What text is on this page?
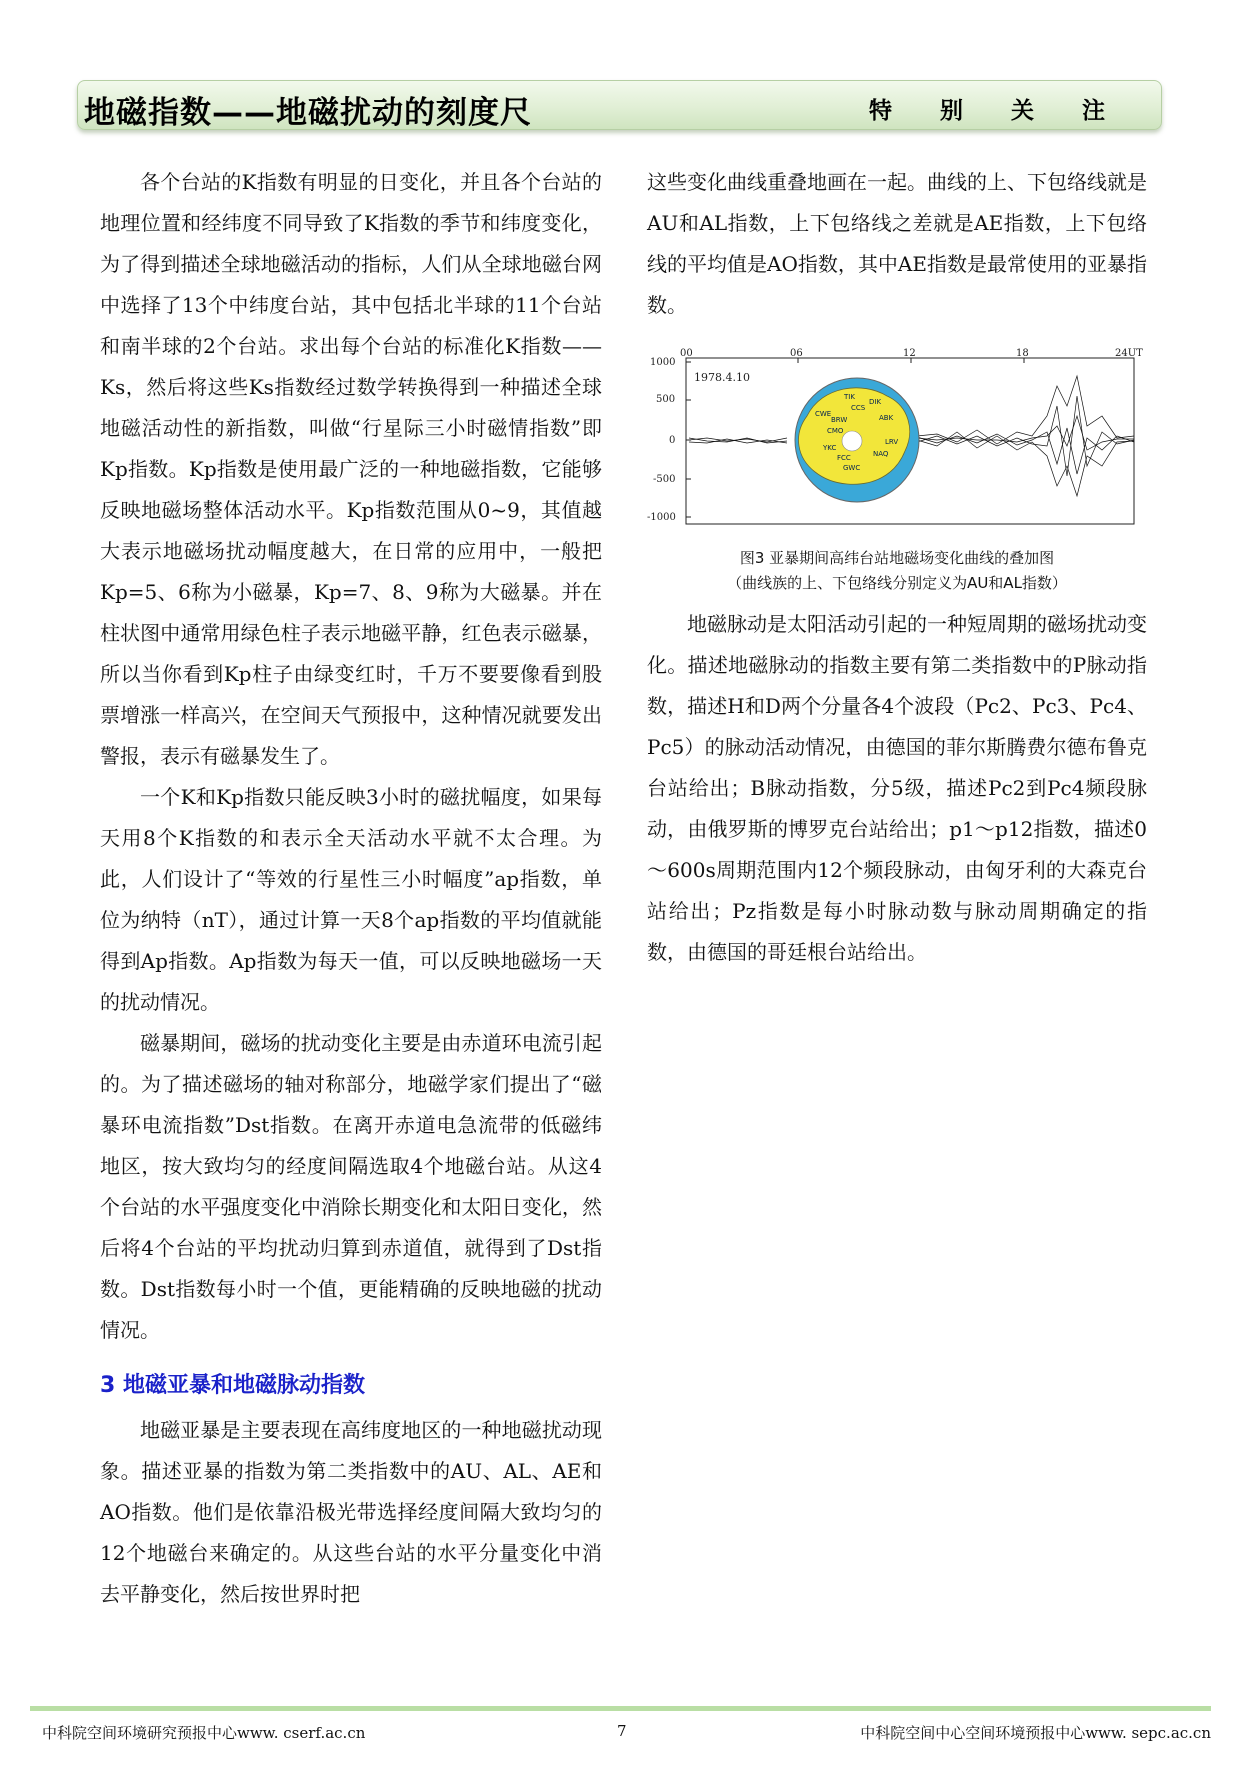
地磁指数——地磁扰动的刻度尺	特 别 关 注

各个台站的K指数有明显的日变化，并且各个台站的地理位置和经纬度不同导致了K指数的季节和纬度变化，为了得到描述全球地磁活动的指标，人们从全球地磁台网中选择了13个中纬度台站，其中包括北半球的11个台站和南半球的2个台站。求出每个台站的标准化K指数——Ks，然后将这些Ks指数经过数学转换得到一种描述全球地磁活动性的新指数，叫做“行星际三小时磁情指数”即Kp指数。Kp指数是使用最广泛的一种地磁指数，它能够反映地磁场整体活动水平。Kp指数范围从0~9，其值越大表示地磁场扰动幅度越大，在日常的应用中，一般把Kp=5、6称为小磁暴，Kp=7、8、9称为大磁暴。并在柱状图中通常用绿色柱子表示地磁平静，红色表示磁暴，所以当你看到Kp柱子由绿变红时，千万不要要像看到股票增涨一样高兴，在空间天气预报中，这种情况就要发出警报，表示有磁暴发生了。

一个K和Kp指数只能反映3小时的磁扰幅度，如果每天用8个K指数的和表示全天活动水平就不太合理。为此，人们设计了“等效的行星性三小时幅度”ap指数，单位为纳特（nT），通过计算一天8个ap指数的平均值就能得到Ap指数。Ap指数为每天一值，可以反映地磁场一天的扰动情况。

磁暴期间，磁场的扰动变化主要是由赤道环电流引起的。为了描述磁场的轴对称部分，地磁学家们提出了“磁暴环电流指数”Dst指数。在离开赤道电急流带的低磁纬地区，按大致均匀的经度间隔选取4个地磁台站。从这4个台站的水平强度变化中消除长期变化和太阳日变化，然后将4个台站的平均扰动归算到赤道值，就得到了Dst指数。Dst指数每小时一个值，更能精确的反映地磁的扰动情况。

3 地磁亚暴和地磁脉动指数

地磁亚暴是主要表现在高纬度地区的一种地磁扰动现象。描述亚暴的指数为第二类指数中的AU、AL、AE和AO指数。他们是依靠沿极光带选择经度间隔大致均匀的12个地磁台来确定的。从这些台站的水平分量变化中消去平静变化，然后按世界时把

这些变化曲线重叠地画在一起。曲线的上、下包络线就是AU和AL指数，上下包络线之差就是AE指数，上下包络线的平均值是AO指数，其中AE指数是最常使用的亚暴指数。

00	06	12	18	24UT
1000
500
0
-500
-1000
1978.4.10
TIK
DIK
CCS
CWE
BRW	ABK
CMO
LRV
YKC
NAQ
FCC
GWC

图3 亚暴期间高纬台站地磁场变化曲线的叠加图

（曲线族的上、下包络线分别定义为AU和AL指数）

地磁脉动是太阳活动引起的一种短周期的磁场扰动变化。描述地磁脉动的指数主要有第二类指数中的P脉动指数，描述H和D两个分量各4个波段（Pc2、Pc3、Pc4、Pc5）的脉动活动情况，由德国的菲尔斯腾费尔德布鲁克台站给出；B脉动指数，分5级，描述Pc2到Pc4频段脉动，由俄罗斯的博罗克台站给出；p1～p12指数，描述0～600s周期范围内12个频段脉动，由匈牙利的大森克台站给出；Pz指数是每小时脉动数与脉动周期确定的指数，由德国的哥廷根台站给出。

中科院空间环境研究预报中心www. cserf.ac.cn	7	中科院空间中心空间环境预报中心www. sepc.ac.cn
